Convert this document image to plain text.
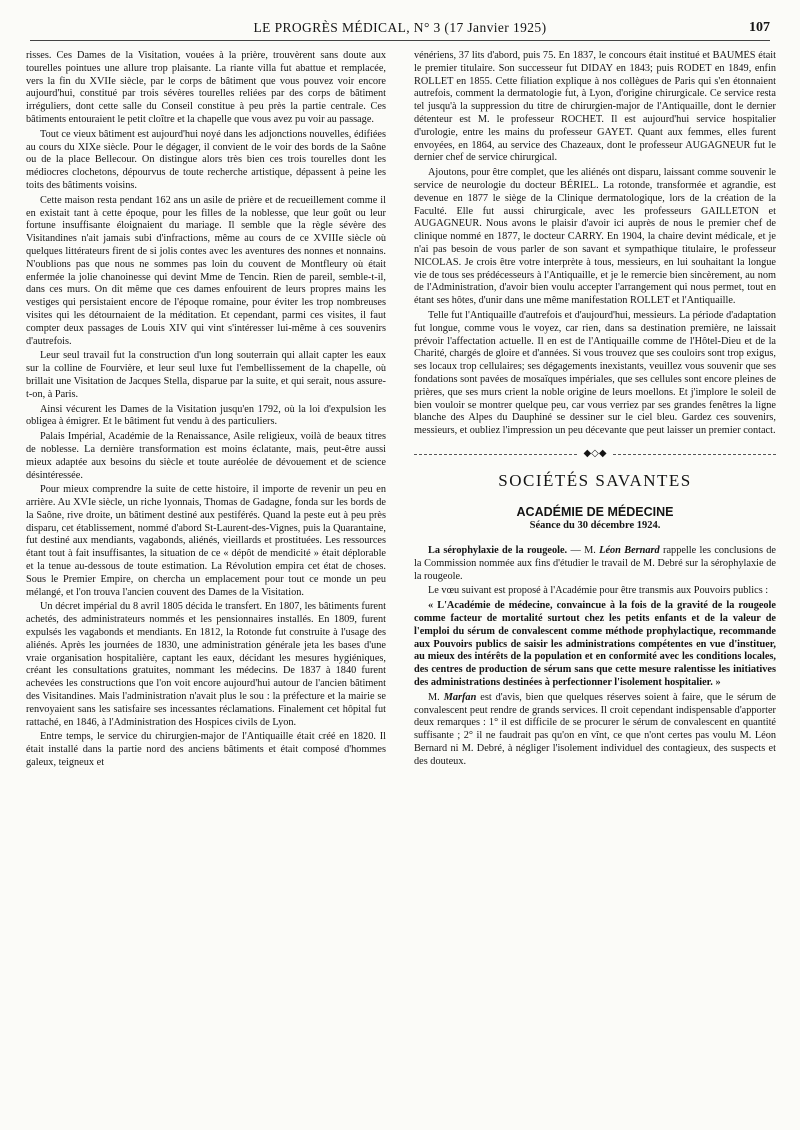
LE PROGRÈS MÉDICAL, N° 3 (17 Janvier 1925)	107

risses. Ces Dames de la Visitation, vouées à la prière, trouvèrent sans doute aux tourelles pointues une allure trop plaisante. La riante villa fut abattue et remplacée, vers la fin du XVIIe siècle, par le corps de bâtiment que vous pouvez voir encore aujourd'hui, constitué par trois sévères tourelles reliées par des corps de bâtiment irréguliers, dont cette salle du Conseil constitue à peu près la partie centrale. Ces bâtiments entouraient le petit cloître et la chapelle que vous avez pu voir au passage.

Tout ce vieux bâtiment est aujourd'hui noyé dans les adjonctions nouvelles, édifiées au cours du XIXe siècle. Pour le dégager, il convient de le voir des bords de la Saône ou de la place Bellecour. On distingue alors très bien ces trois tourelles dont les médiocres clochetons, dépourvus de toute recherche artistique, dépassent à peine les toits des bâtiments voisins.

Cette maison resta pendant 162 ans un asile de prière et de recueillement comme il en existait tant à cette époque, pour les filles de la noblesse, que leur goût ou leur fortune insuffisante éloignaient du mariage. Il semble que la règle sévère des Visitandines n'ait jamais subi d'infractions, même au cours de ce XVIIIe siècle où quelques littérateurs firent de si jolis contes avec les aventures des nonnes et nonnains. N'oublions pas que nous ne sommes pas loin du couvent de Montfleury où était enfermée la jolie chanoinesse qui devint Mme de Tencin. Rien de pareil, semble-t-il, dans ces murs. On dit même que ces dames enfouirent de leurs propres mains les vestiges qui persistaient encore de l'époque romaine, pour éviter les trop nombreuses visites qui les détournaient de la méditation. Et cependant, parmi ces visites, il faut compter deux passages de Louis XIV qui vint s'intéresser lui-même à ces souvenirs d'autrefois.

Leur seul travail fut la construction d'un long souterrain qui allait capter les eaux sur la colline de Fourvière, et leur seul luxe fut l'embellissement de la chapelle, où brillait une Visitation de Jacques Stella, disparue par la suite, et qui serait, nous assure-t-on, à Paris.

Ainsi vécurent les Dames de la Visitation jusqu'en 1792, où la loi d'expulsion les obligea à émigrer. Et le bâtiment fut vendu à des particuliers.

Palais Impérial, Académie de la Renaissance, Asile religieux, voilà de beaux titres de noblesse. La dernière transformation est moins éclatante, mais, peut-être aussi mieux adaptée aux besoins du siècle et toute auréolée de dévouement et de science désintéressée.

Pour mieux comprendre la suite de cette histoire, il importe de revenir un peu en arrière. Au XVIe siècle, un riche lyonnais, Thomas de Gadagne, fonda sur les bords de la Saône, rive droite, un bâtiment destiné aux pestiférés. Quand la peste eut à peu près disparu, cet établissement, nommé d'abord St-Laurent-des-Vignes, puis la Quarantaine, fut destiné aux mendiants, vagabonds, aliénés, vieillards et prostituées. Les ressources étant tout à fait insuffisantes, la situation de ce « dépôt de mendicité » était déplorable et la tenue au-dessous de toute estimation. La Révolution empira cet état de choses. Sous le Premier Empire, on chercha un emplacement pour tout ce monde un peu mélangé, et l'on trouva l'ancien couvent des Dames de la Visitation.

Un décret impérial du 8 avril 1805 décida le transfert. En 1807, les bâtiments furent achetés, des administrateurs nommés et les pensionnaires installés. En 1809, furent expulsés les vagabonds et mendiants. En 1812, la Rotonde fut construite à l'usage des aliénés. Après les journées de 1830, une administration générale jeta les bases d'une vraie organisation hospitalière, captant les eaux, décidant les mesures hygiéniques, créant les consultations gratuites, nommant les médecins. De 1837 à 1840 furent achevées les constructions que l'on voit encore aujourd'hui autour de l'ancien bâtiment des Visitandines. Mais l'administration n'avait plus le sou : la préfecture et la mairie se renvoyaient sans les satisfaire ses incessantes réclamations. Finalement cet hôpital fut rattaché, en 1846, à l'Administration des Hospices civils de Lyon.

Entre temps, le service du chirurgien-major de l'Antiquaille était créé en 1820. Il était installé dans la partie nord des anciens bâtiments et était composé d'hommes galeux, teigneux et

vénériens, 37 lits d'abord, puis 75. En 1837, le concours était institué et BAUMÈS était le premier titulaire. Son successeur fut DIDAY en 1843; puis RODET en 1849, enfin ROLLET en 1855. Cette filiation explique à nos collègues de Paris qui s'en étonnaient autrefois, comment la dermatologie fut, à Lyon, d'origine chirurgicale. Ce service resta tel jusqu'à la suppression du titre de chirurgien-major de l'Antiquaille, dont le dernier détenteur est M. le professeur ROCHET. Il est aujourd'hui service hospitalier d'urologie, entre les mains du professeur GAYET. Quant aux femmes, elles furent envoyées, en 1864, au service des Chazeaux, dont le professeur AUGAGNEUR fut le dernier chef de service chirurgical.

Ajoutons, pour être complet, que les aliénés ont disparu, laissant comme souvenir le service de neurologie du docteur BÉRIEL. La rotonde, transformée et agrandie, est devenue en 1877 le siège de la Clinique dermatologique, lors de la création de la Faculté. Elle fut aussi chirurgicale, avec les professeurs GAILLETON et AUGAGNEUR. Nous avons le plaisir d'avoir ici auprès de nous le premier chef de clinique nommé en 1877, le docteur CARRY. En 1904, la chaire devint médicale, et je n'ai pas besoin de vous parler de son savant et sympathique titulaire, le professeur NICOLAS. Je crois être votre interprète à tous, messieurs, en lui souhaitant la longue vie de tous ses prédécesseurs à l'Antiquaille, et je le remercie bien sincèrement, au nom de l'Administration, d'avoir bien voulu accepter l'arrangement qui nous permet, tout en étant ses hôtes, d'unir dans une même manifestation ROLLET et l'Antiquaille.

Telle fut l'Antiquaille d'autrefois et d'aujourd'hui, messieurs. La période d'adaptation fut longue, comme vous le voyez, car rien, dans sa destination première, ne laissait prévoir l'affectation actuelle. Il en est de l'Antiquaille comme de l'Hôtel-Dieu et de la Charité, chargés de gloire et d'années. Si vous trouvez que ses couloirs sont trop exigus, ses locaux trop cellulaires; ses dégagements inexistants, veuillez vous souvenir que ses fondations sont pavées de mosaïques impériales, que ses cellules sont encore pleines de prières, que ses murs crient la noble origine de leurs moellons. Et j'implore le soleil de bien vouloir se montrer quelque peu, car vous verriez par ses grandes fenêtres la ligne blanche des Alpes du Dauphiné se dessiner sur le ciel bleu. Gardez ces souvenirs, messieurs, et oubliez l'impression un peu décevante que peut laisser un premier contact.

◆◇◆
SOCIÉTÉS SAVANTES
ACADÉMIE DE MÉDECINE
Séance du 30 décembre 1924.

La sérophylaxie de la rougeole. — M. Léon Bernard rappelle les conclusions de la Commission nommée aux fins d'étudier le travail de M. Debré sur la sérophylaxie de la rougeole.

Le vœu suivant est proposé à l'Académie pour être transmis aux Pouvoirs publics :

« L'Académie de médecine, convaincue à la fois de la gravité de la rougeole comme facteur de mortalité surtout chez les petits enfants et de la valeur de l'emploi du sérum de convalescent comme méthode prophylactique, recommande aux Pouvoirs publics de saisir les administrations compétentes en vue d'instituer, au mieux des intérêts de la population et en conformité avec les conditions locales, des centres de production de sérum sans que cette mesure ralentisse les initiatives des administrations destinées à perfectionner l'isolement hospitalier. »

M. Marfan est d'avis, bien que quelques réserves soient à faire, que le sérum de convalescent peut rendre de grands services. Il croit cependant indispensable d'apporter deux remarques : 1° il est difficile de se procurer le sérum de convalescent en quantité suffisante ; 2° il ne faudrait pas qu'on en vînt, ce que n'ont certes pas voulu M. Léon Bernard ni M. Debré, à négliger l'isolement individuel des contagieux, des suspects et des douteux.
